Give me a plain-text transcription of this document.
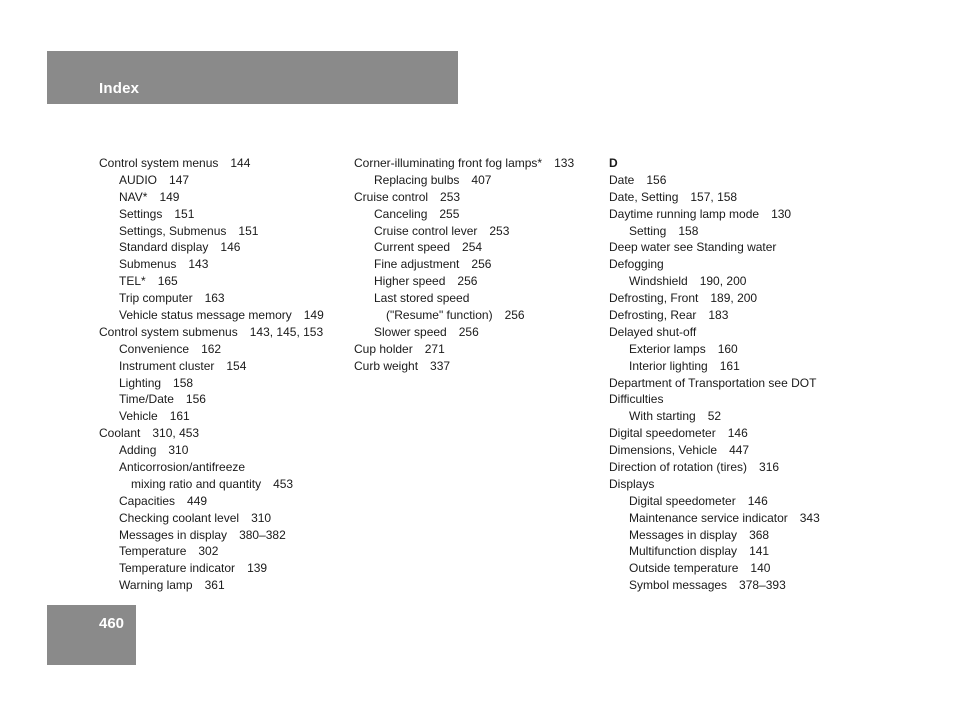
Index
Control system menus 144
AUDIO 147
NAV* 149
Settings 151
Settings, Submenus 151
Standard display 146
Submenus 143
TEL* 165
Trip computer 163
Vehicle status message memory 149
Control system submenus 143, 145, 153
Convenience 162
Instrument cluster 154
Lighting 158
Time/Date 156
Vehicle 161
Coolant 310, 453
Adding 310
Anticorrosion/antifreeze
mixing ratio and quantity 453
Capacities 449
Checking coolant level 310
Messages in display 380–382
Temperature 302
Temperature indicator 139
Warning lamp 361
Corner-illuminating front fog lamps* 133
Replacing bulbs 407
Cruise control 253
Canceling 255
Cruise control lever 253
Current speed 254
Fine adjustment 256
Higher speed 256
Last stored speed
("Resume" function) 256
Slower speed 256
Cup holder 271
Curb weight 337
D
Date 156
Date, Setting 157, 158
Daytime running lamp mode 130
Setting 158
Deep water see Standing water
Defogging
Windshield 190, 200
Defrosting, Front 189, 200
Defrosting, Rear 183
Delayed shut-off
Exterior lamps 160
Interior lighting 161
Department of Transportation see DOT
Difficulties
With starting 52
Digital speedometer 146
Dimensions, Vehicle 447
Direction of rotation (tires) 316
Displays
Digital speedometer 146
Maintenance service indicator 343
Messages in display 368
Multifunction display 141
Outside temperature 140
Symbol messages 378–393
460
